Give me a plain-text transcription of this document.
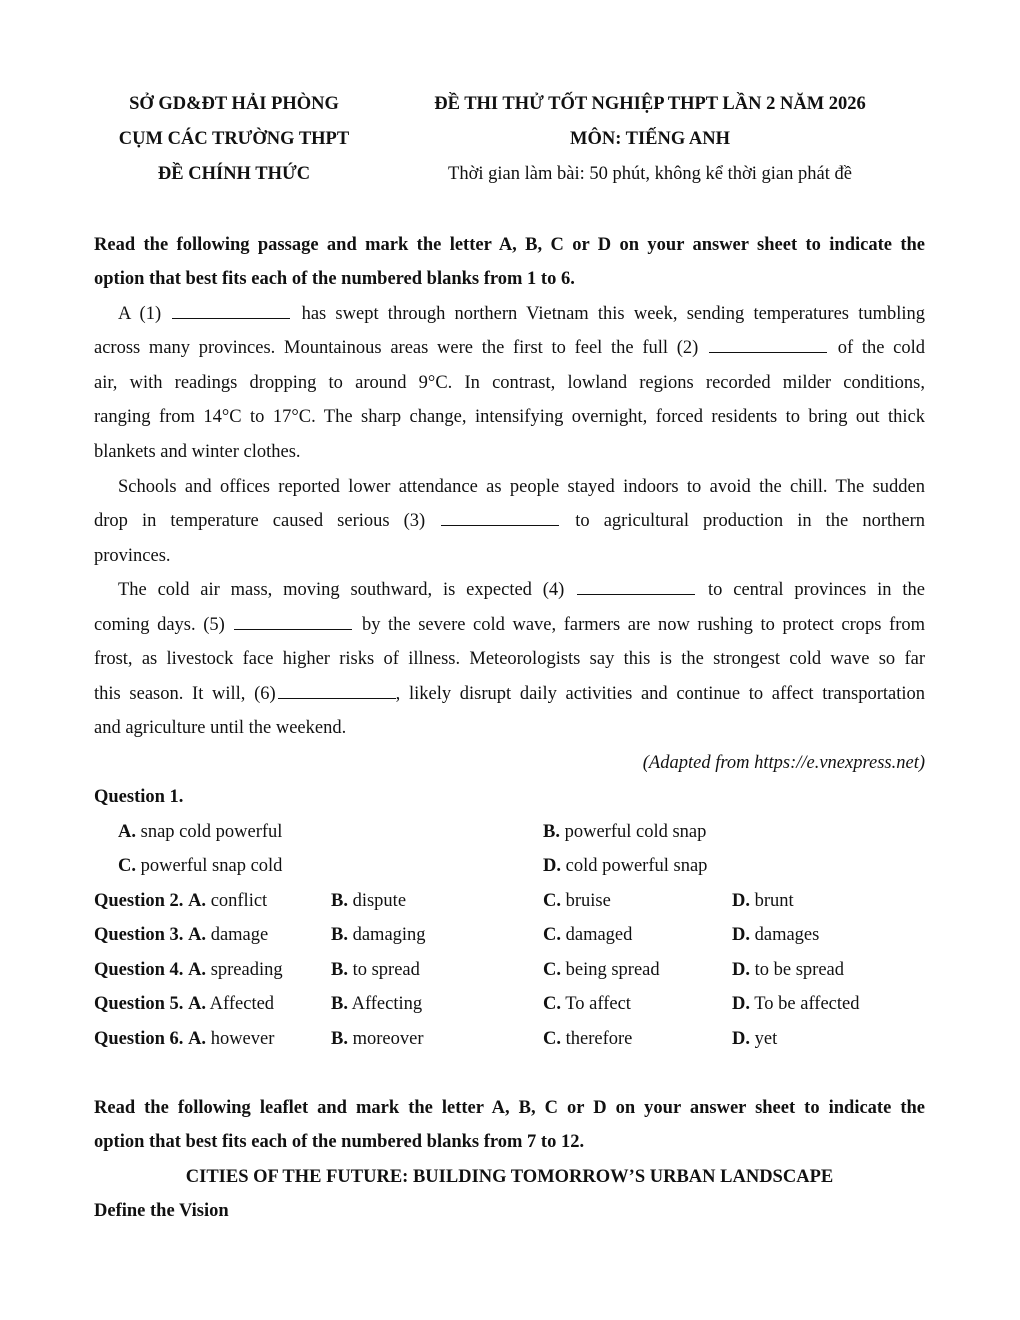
SỞ GD&ĐT HẢI PHÒNG
CỤM CÁC TRƯỜNG THPT
ĐỀ CHÍNH THỨC
ĐỀ THI THỬ TỐT NGHIỆP THPT LẦN 2 NĂM 2026
MÔN: TIẾNG ANH
Thời gian làm bài: 50 phút, không kể thời gian phát đề
Read the following passage and mark the letter A, B, C or D on your answer sheet to indicate the
option that best fits each of the numbered blanks from 1 to 6.
A (1)	has swept through northern Vietnam this week, sending temperatures tumbling
across many provinces. Mountainous areas were the first to feel the full (2)	of the cold
air, with readings dropping to around 9°C. In contrast, lowland regions recorded milder conditions,
ranging from 14°C to 17°C. The sharp change, intensifying overnight, forced residents to bring out thick
blankets and winter clothes.
Schools and offices reported lower attendance as people stayed indoors to avoid the chill. The sudden
drop in temperature caused serious (3)	to agricultural production in the northern
provinces.
The cold air mass, moving southward, is expected (4)	to central provinces in the
coming days. (5)	by the severe cold wave, farmers are now rushing to protect crops from
frost, as livestock face higher risks of illness. Meteorologists say this is the strongest cold wave so far
this season. It will, (6)	, likely disrupt daily activities and continue to affect transportation
and agriculture until the weekend.
(Adapted from https://e.vnexpress.net)
Question 1.
A. snap cold powerful	B. powerful cold snap
C. powerful snap cold	D. cold powerful snap
Question 2. A. conflict	B. dispute	C. bruise	D. brunt
Question 3. A. damage	B. damaging	C. damaged	D. damages
Question 4. A. spreading	B. to spread	C. being spread	D. to be spread
Question 5. A. Affected	B. Affecting	C. To affect	D. To be affected
Question 6. A. however	B. moreover	C. therefore	D. yet
Read the following leaflet and mark the letter A, B, C or D on your answer sheet to indicate the
option that best fits each of the numbered blanks from 7 to 12.
CITIES OF THE FUTURE: BUILDING TOMORROW’S URBAN LANDSCAPE
Define the Vision
